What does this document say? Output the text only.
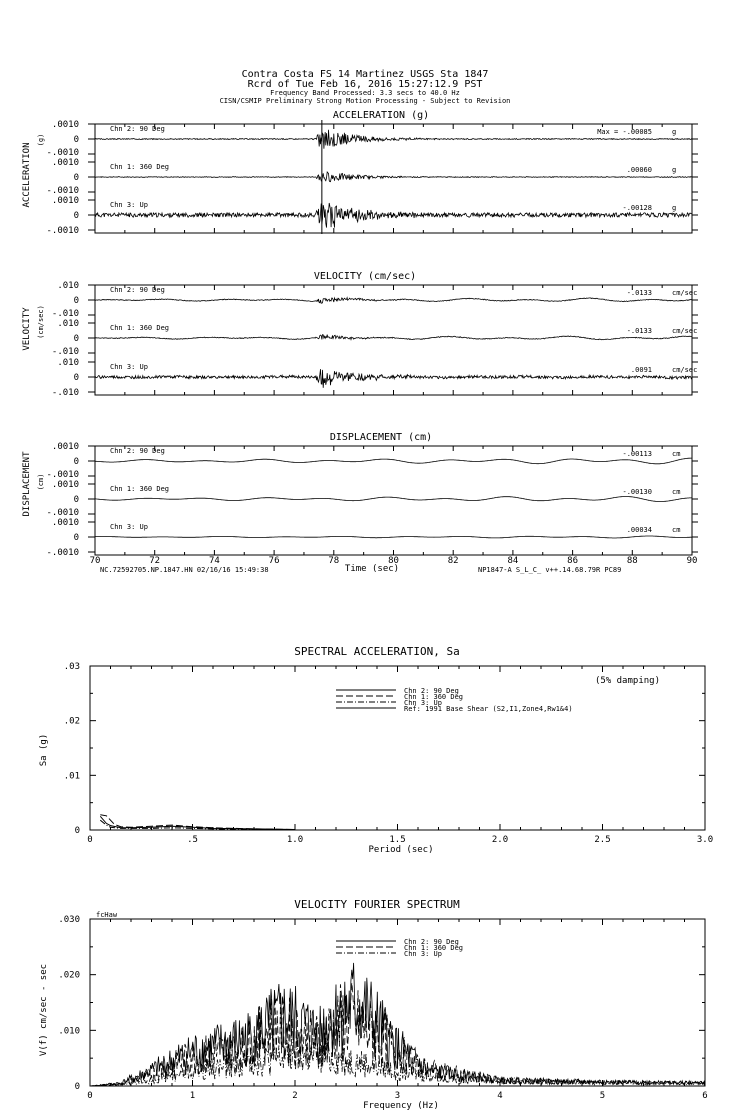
Contra Costa FS 14 Martinez USGS Sta 1847
Rcrd of Tue Feb 16, 2016 15:27:12.9 PST
Frequency Band Processed: 3.3 secs to 40.0 Hz
CISN/CSMIP Preliminary Strong Motion Processing - Subject to Revision
ACCELERATION (g)
ACCELERATION
(g)
.0010
0
-.0010
Chn 2: 90 Deg	Max = -.00085	g
.0010
0
-.0010
Chn 1: 360 Deg	.00060	g
.0010
0
-.0010
Chn 3: Up	-.00128	g
VELOCITY (cm/sec)
VELOCITY (cm/sec)
.010
0
-.010
Chn 2: 90 Deg	-.0133	cm/sec
.010
0
-.010
Chn 1: 360 Deg	-.0133	cm/sec
.010
0
-.010
Chn 3: Up	.0091	cm/sec
DISPLACEMENT (cm)
DISPLACEMENT (cm)
Time (sec)
.0010
0
-.0010
Chn 2: 90 Deg	-.00113	cm
.0010
0
-.0010
Chn 1: 360 Deg	-.00130	cm
.0010
0
-.0010
Chn 3: Up	.00034	cm
70	72	74	76	78	80	82	84	86	88	90
NC.72592705.NP.1847.HN 02/16/16 15:49:38	NP1847-A S_L_C_ v++.14.68.79R PC89
SPECTRAL ACCELERATION, Sa
Sa (g)
Period (sec)
(5% damping)
0	.5	1.0	1.5	2.0	2.5	3.0
0
.01
.02
.03
Chn 2: 90 Deg
Chn 1: 360 Deg
Chn 3: Up
Ref: 1991 Base Shear (S2,I1,Zone4,Rw1&4)
VELOCITY FOURIER SPECTRUM
V(f) cm/sec - sec
Frequency (Hz)
fcHaw
0	1	2	3	4	5	6
0
.010
.020
.030
Chn 2: 90 Deg
Chn 1: 360 Deg
Chn 3: Up
